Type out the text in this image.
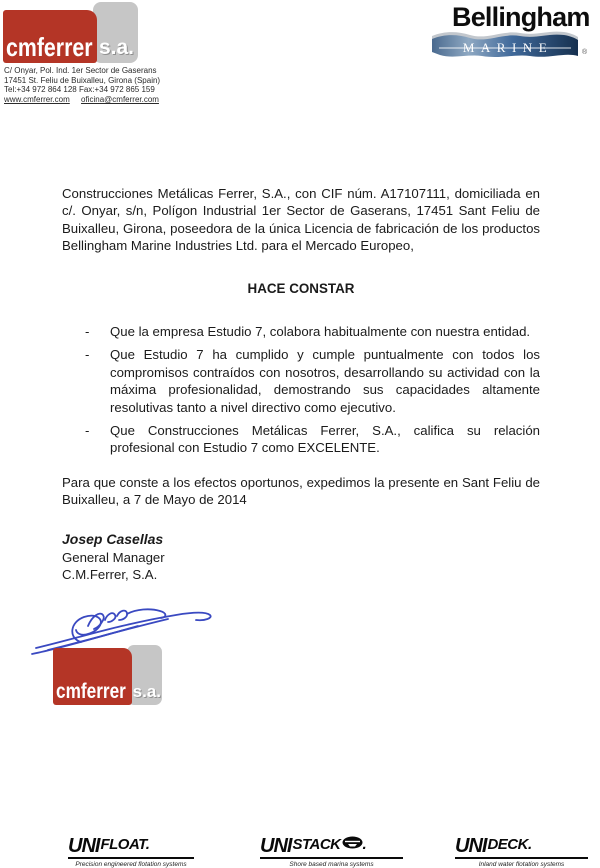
cmferrer s.a.
C/ Onyar, Pol. Ind. 1er Sector de Gaserans
17451 St. Feliu de Buixalleu, Girona (Spain)
Tel:+34 972 864 128 Fax:+34 972 865 159
www.cmferrer.com oficina@cmferrer.com
Bellingham
MARINE	®

Construcciones Metálicas Ferrer, S.A., con CIF núm. A17107111, domiciliada en c/. Onyar, s/n, Polígon Industrial 1er Sector de Gaserans, 17451 Sant Feliu de Buixalleu, Girona, poseedora de la única Licencia de fabricación de los productos Bellingham Marine Industries Ltd. para el Mercado Europeo,

HACE CONSTAR
-	Que la empresa Estudio 7, colabora habitualmente con nuestra entidad.
-	Que Estudio 7 ha cumplido y cumple puntualmente con todos los compromisos contraídos con nosotros, desarrollando su actividad con la máxima profesionalidad, demostrando sus capacidades altamente resolutivas tanto a nivel directivo como ejecutivo.
-	Que Construcciones Metálicas Ferrer, S.A., califica su relación profesional con Estudio 7 como EXCELENTE.

Para que conste a los efectos oportunos, expedimos la presente en Sant Feliu de Buixalleu, a 7 de Mayo de 2014

Josep Casellas
General Manager
C.M.Ferrer, S.A.
cmferrer s.a.
UNI FLOAT.
Precision engineered flotation systems
UNI STACK .
Shore based marina systems
UNI DECK.
Inland water flotation systems
